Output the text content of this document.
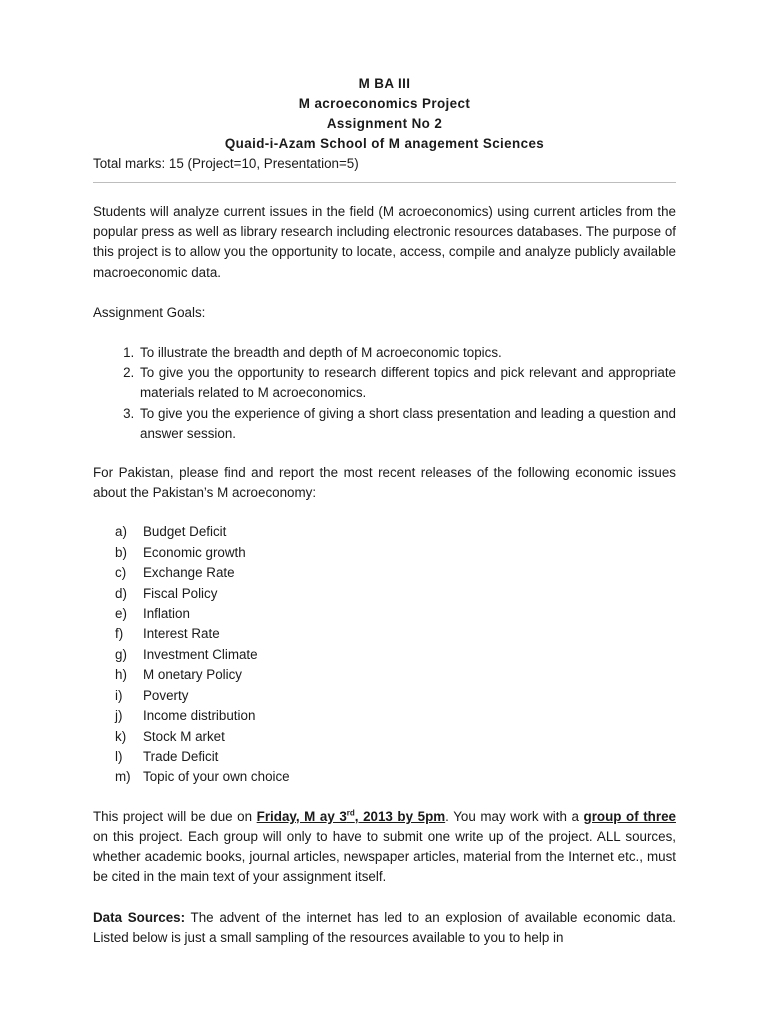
M BA III
M acroeconomics Project
Assignment No 2
Quaid-i-Azam School of M anagement Sciences
Total marks: 15 (Project=10, Presentation=5)

Students will analyze current issues in the field (M acroeconomics) using current articles from the popular press as well as library research including electronic resources databases. The purpose of this project is to allow you the opportunity to locate, access, compile and analyze publicly available macroeconomic data.

Assignment Goals:

1. To illustrate the breadth and depth of M acroeconomic topics.
2. To give you the opportunity to research different topics and pick relevant and appropriate materials related to M acroeconomics.
3. To give you the experience of giving a short class presentation and leading a question and answer session.

For Pakistan, please find and report the most recent releases of the following economic issues about the Pakistan’s M acroeconomy:

a)	Budget Deficit
b)	Economic growth
c)	Exchange Rate
d)	Fiscal Policy
e)	Inflation
f)	Interest Rate
g)	Investment Climate
h)	M onetary Policy
i)	Poverty
j)	Income distribution
k)	Stock M arket
l)	Trade Deficit
m) Topic of your own choice

This project will be due on Friday, M ay 3rd, 2013 by 5pm. You may work with a group of three on this project. Each group will only to have to submit one write up of the project. ALL sources, whether academic books, journal articles, newspaper articles, material from the Internet etc., must be cited in the main text of your assignment itself.

Data Sources: The advent of the internet has led to an explosion of available economic data. Listed below is just a small sampling of the resources available to you to help in
